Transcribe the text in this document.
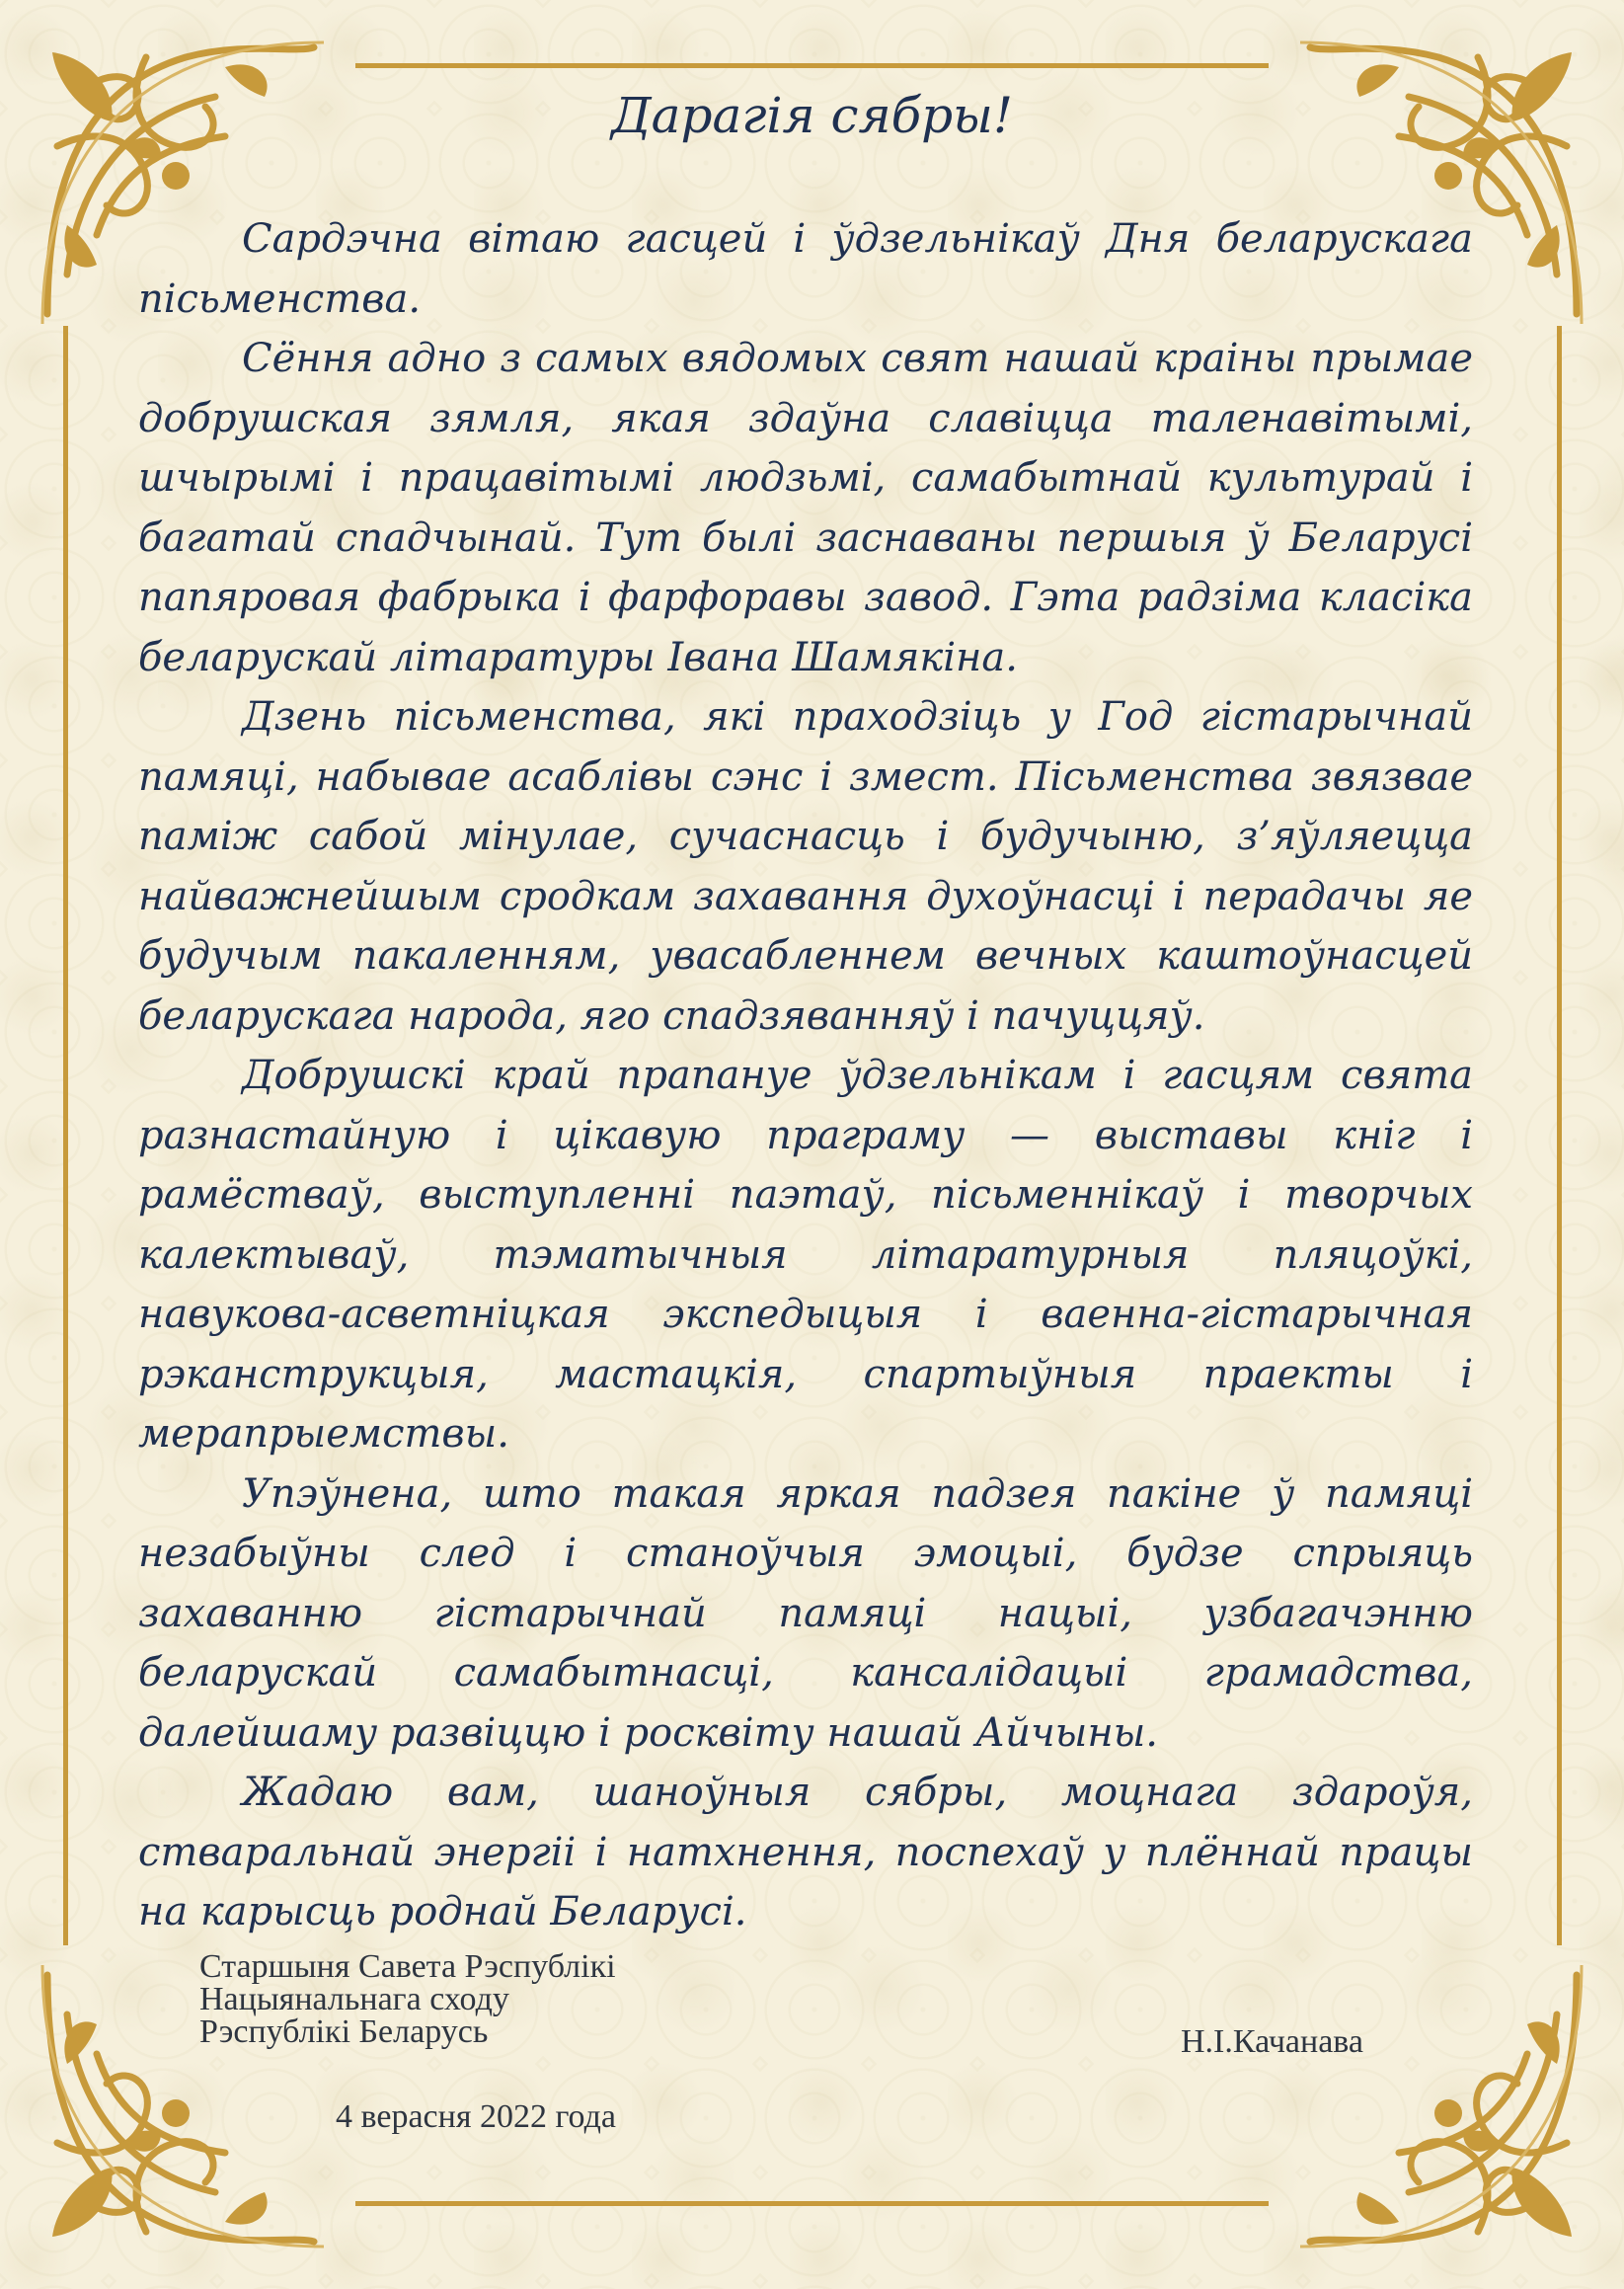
Дарагія сябры!

Сардэчна вітаю гасцей і ўдзельнікаў Дня беларускага пісьменства.

Сёння адно з самых вядомых свят нашай краіны прымае добрушская зямля, якая здаўна славіцца таленавітымі, шчырымі і працавітымі людзьмі, самабытнай культурай і багатай спадчынай. Тут былі заснаваны першыя ў Беларусі папяровая фабрыка і фарфоравы завод. Гэта радзіма класіка беларускай літаратуры Івана Шамякіна.

Дзень пісьменства, які праходзіць у Год гістарычнай памяці, набывае асаблівы сэнс і змест. Пісьменства звязвае паміж сабой мінулае, сучаснасць і будучыню, з’яўляецца найважнейшым сродкам захавання духоўнасці і перадачы яе будучым пакаленням, увасабленнем вечных каштоўнасцей беларускага народа, яго спадзяванняў і пачуццяў.

Добрушскі край прапануе ўдзельнікам і гасцям свята разнастайную і цікавую праграму — выставы кніг і рамёстваў, выступленні паэтаў, пісьменнікаў і творчых калектываў, тэматычныя літаратурныя пляцоўкі, навукова-асветніцкая экспедыцыя і ваенна-гістарычная рэканструкцыя, мастацкія, спартыўныя праекты і мерапрыемствы.

Упэўнена, што такая яркая падзея пакіне ў памяці незабыўны след і станоўчыя эмоцыі, будзе спрыяць захаванню гістарычнай памяці нацыі, узбагачэнню беларускай самабытнасці, кансалідацыі грамадства, далейшаму развіццю і росквіту нашай Айчыны.

Жадаю вам, шаноўныя сябры, моцнага здароўя, стваральнай энергіі і натхнення, поспехаў у плённай працы на карысць роднай Беларусі.

Старшыня Савета Рэспублікі
Нацыянальнага сходу
Рэспублікі Беларусь	Н.І.Качанава
4 верасня 2022 года
